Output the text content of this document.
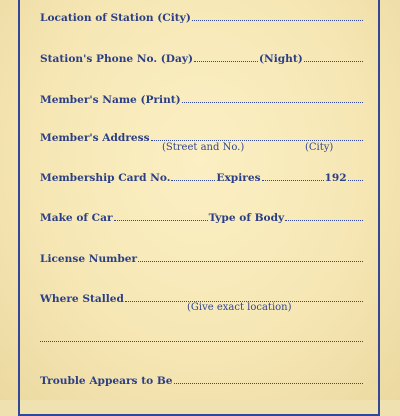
Location of Station (City)
Station's Phone No. (Day)	(Night)
Member's Name (Print)
Member's Address
(Street and No.)	(City)
Membership Card No.	Expires	192
Make of Car	Type of Body
License Number
Where Stalled
(Give exact location)
Trouble Appears to Be
